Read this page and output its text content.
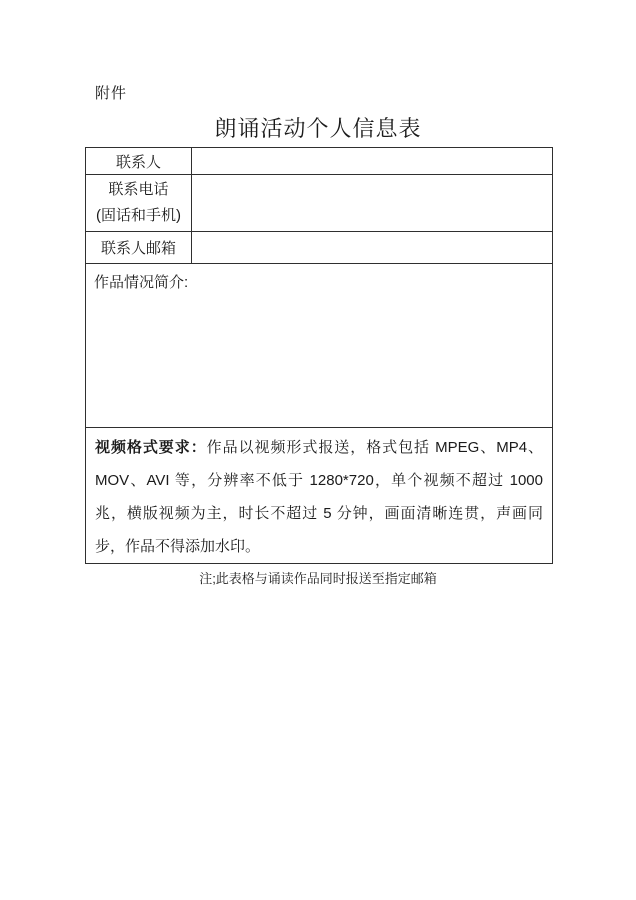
附件
朗诵活动个人信息表
联系人	

联系电话
(固话和手机)	

联系人邮箱	
作品情况简介:	
视频格式要求：作品以视频形式报送，格式包括 MPEG、MP4、MOV、AVI 等，分辨率不低于 1280*720，单个视频不超过 1000 兆，横版视频为主，时长不超过 5 分钟，画面清晰连贯，声画同步，作品不得添加水印。	
注;此表格与诵读作品同时报送至指定邮箱
